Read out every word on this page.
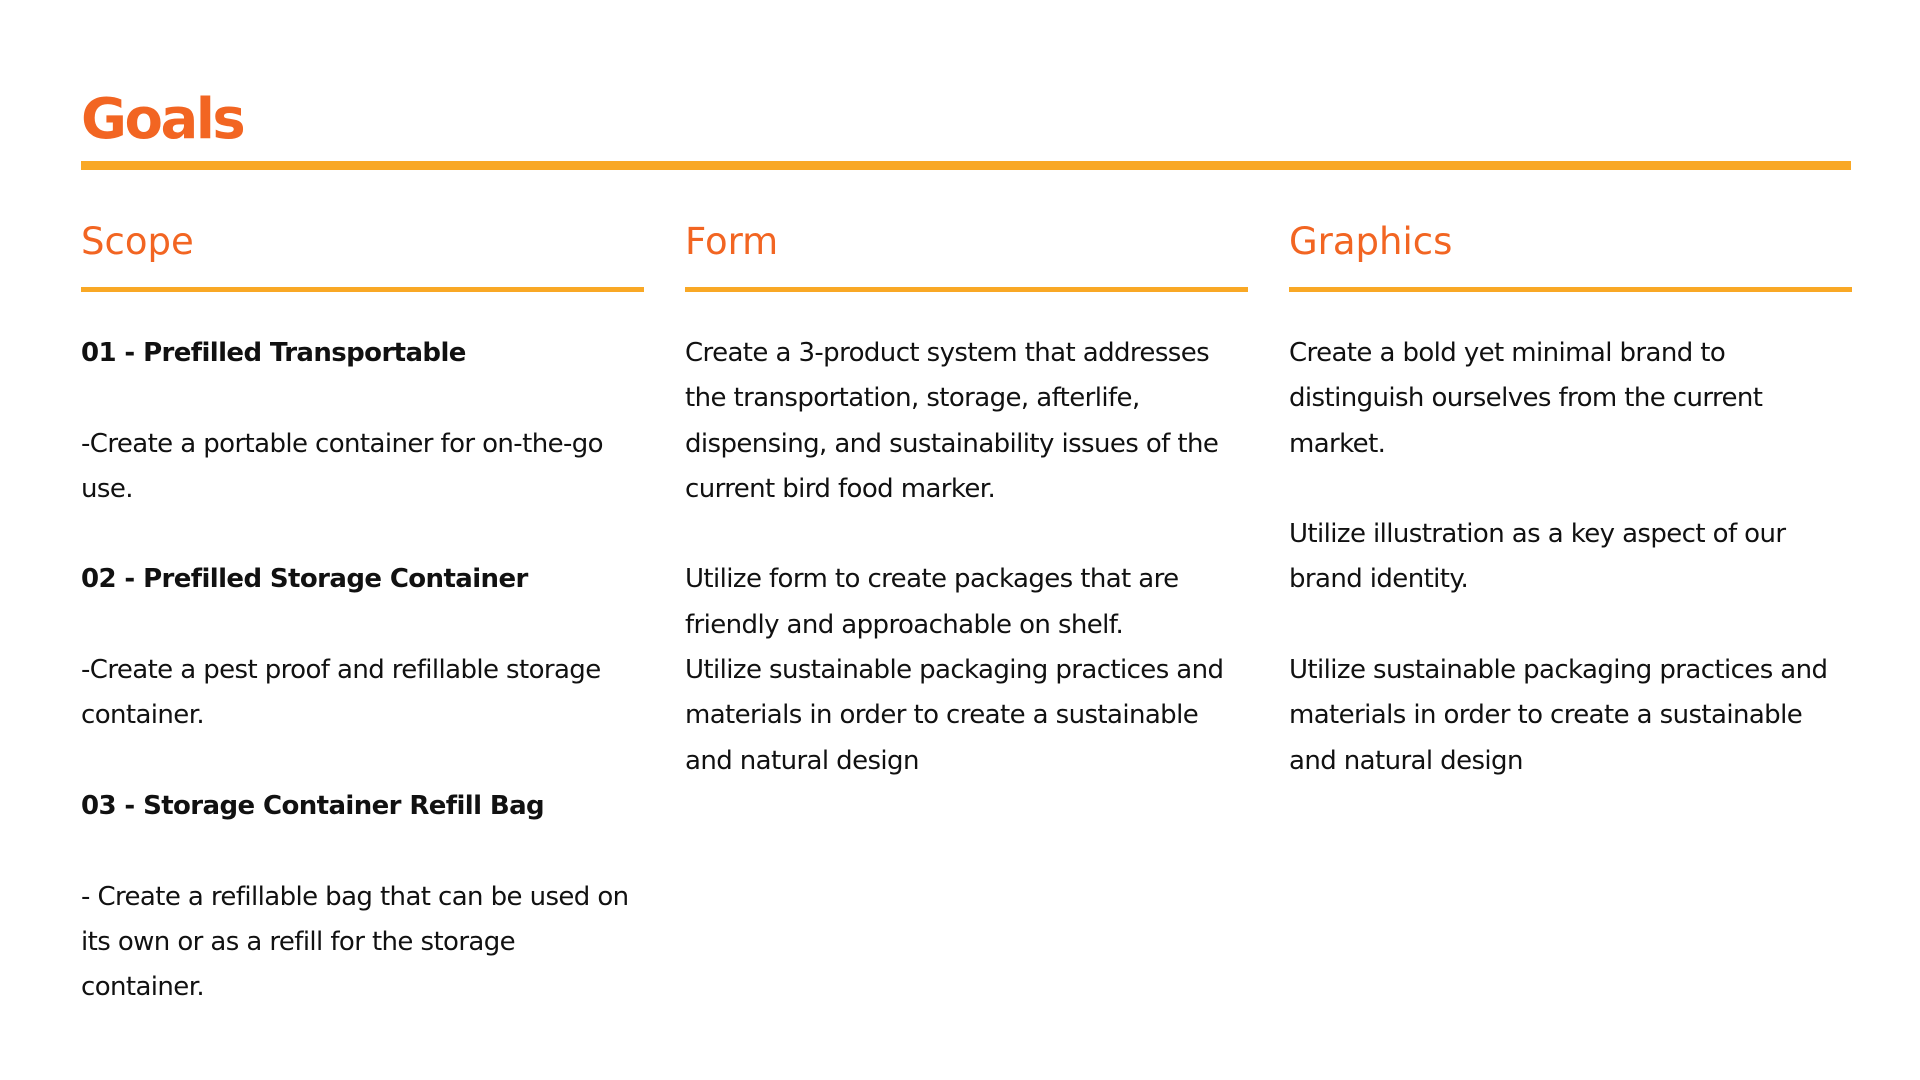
Goals
Scope

01 - Prefilled Transportable

-Create a portable container for on-the-go use.

02 - Prefilled Storage Container

-Create a pest proof and refillable storage container.

03 - Storage Container Refill Bag

- Create a refillable bag that can be used on its own or as a refill for the storage container.

Form

Create a 3-product system that addresses the transportation, storage, afterlife, dispensing, and sustainability issues of the current bird food marker.

Utilize form to create packages that are friendly and approachable on shelf.

Utilize sustainable packaging practices and materials in order to create a sustainable and natural design

Graphics

Create a bold yet minimal brand to distinguish ourselves from the current market.

Utilize illustration as a key aspect of our brand identity.

Utilize sustainable packaging practices and materials in order to create a sustainable and natural design
